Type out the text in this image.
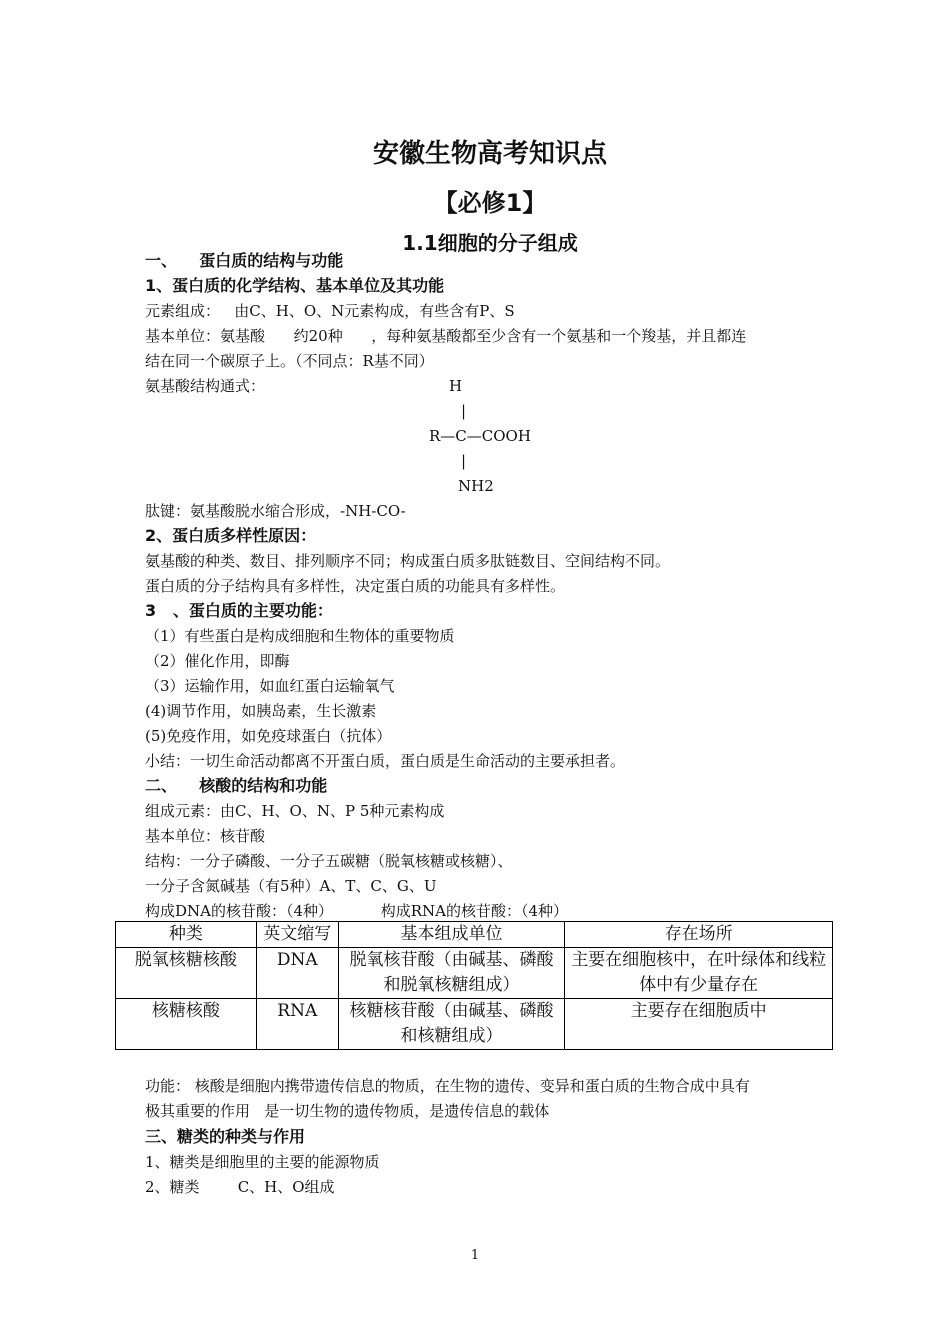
安徽生物高考知识点
【必修1】
1.1细胞的分子组成
一、    蛋白质的结构与功能
1、蛋白质的化学结构、基本单位及其功能
元素组成：   由C、H、O、N元素构成，有些含有P、S
基本单位：氨基酸      约20种      ，每种氨基酸都至少含有一个氨基和一个羧基，并且都连
结在同一个碳原子上。（不同点：R基不同）
氨基酸结构通式：	H
|
R—C—COOH
|
NH2
肽键：氨基酸脱水缩合形成，-NH-CO-
2、蛋白质多样性原因：
氨基酸的种类、数目、排列顺序不同；构成蛋白质多肽链数目、空间结构不同。
蛋白质的分子结构具有多样性，决定蛋白质的功能具有多样性。
3   、蛋白质的主要功能：
（1）有些蛋白是构成细胞和生物体的重要物质
（2）催化作用，即酶
（3）运输作用，如血红蛋白运输氧气
(4)调节作用，如胰岛素，生长激素
(5)免疫作用，如免疫球蛋白（抗体）
小结：一切生命活动都离不开蛋白质，蛋白质是生命活动的主要承担者。
二、    核酸的结构和功能
组成元素：由C、H、O、N、P 5种元素构成
基本单位：核苷酸
结构：一分子磷酸、一分子五碳糖（脱氧核糖或核糖）、
一分子含氮碱基（有5种）A、T、C、G、U
构成DNA的核苷酸：（4种）          构成RNA的核苷酸：（4种）
种类	英文缩写	基本组成单位	存在场所
脱氧核糖核酸	DNA	脱氧核苷酸（由碱基、磷酸和脱氧核糖组成）	主要在细胞核中，在叶绿体和线粒体中有少量存在
核糖核酸	RNA	核糖核苷酸（由碱基、磷酸和核糖组成）	主要存在细胞质中
功能： 核酸是细胞内携带遗传信息的物质，在生物的遗传、变异和蛋白质的生物合成中具有
极其重要的作用   是一切生物的遗传物质，是遗传信息的载体
三、糖类的种类与作用
1、糖类是细胞里的主要的能源物质
2、糖类        C、H、O组成
1
